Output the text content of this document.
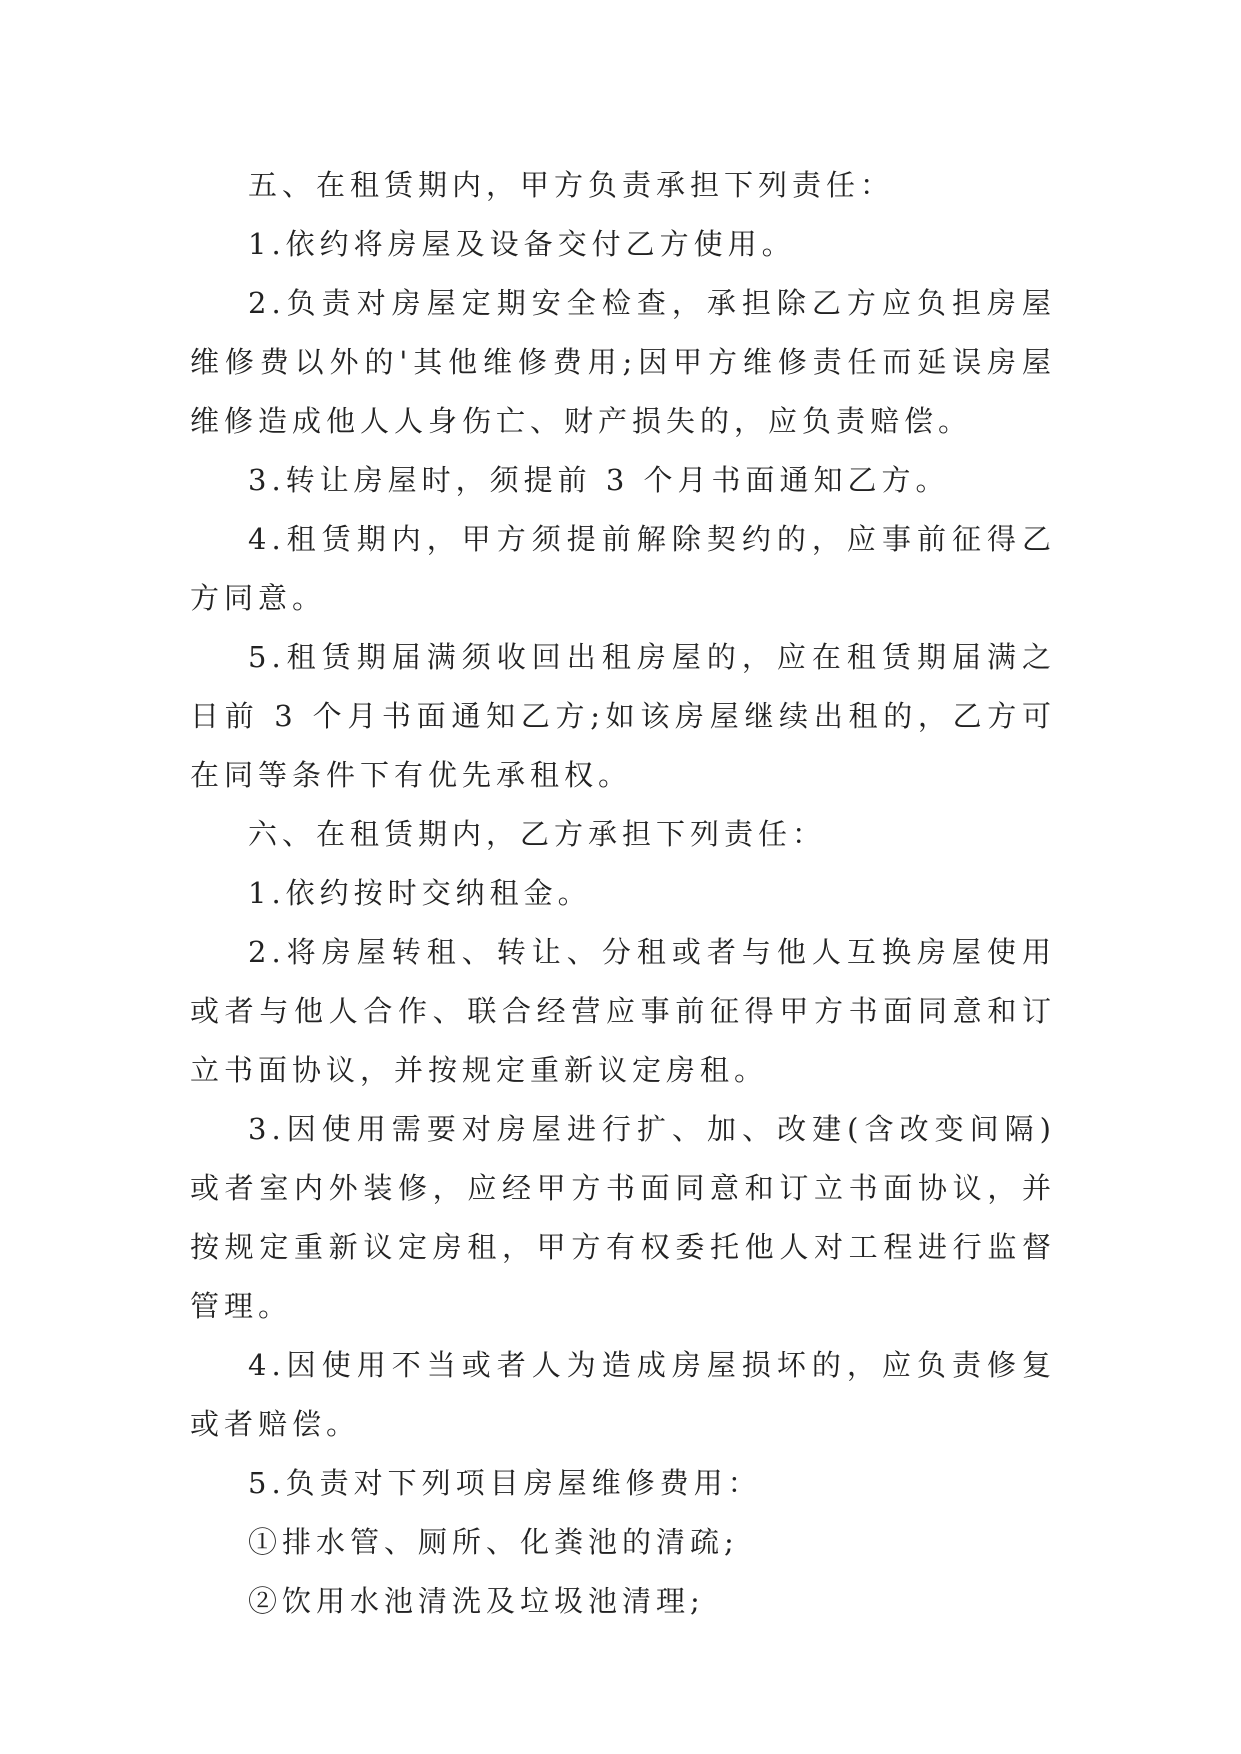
五、在租赁期内，甲方负责承担下列责任：

1.依约将房屋及设备交付乙方使用。

2.负责对房屋定期安全检查，承担除乙方应负担房屋维修费以外的'其他维修费用;因甲方维修责任而延误房屋维修造成他人人身伤亡、财产损失的，应负责赔偿。

3.转让房屋时，须提前 3 个月书面通知乙方。

4.租赁期内，甲方须提前解除契约的，应事前征得乙方同意。

5.租赁期届满须收回出租房屋的，应在租赁期届满之日前 3 个月书面通知乙方;如该房屋继续出租的，乙方可在同等条件下有优先承租权。

六、在租赁期内，乙方承担下列责任：

1.依约按时交纳租金。

2.将房屋转租、转让、分租或者与他人互换房屋使用或者与他人合作、联合经营应事前征得甲方书面同意和订立书面协议，并按规定重新议定房租。

3.因使用需要对房屋进行扩、加、改建(含改变间隔)或者室内外装修，应经甲方书面同意和订立书面协议，并按规定重新议定房租，甲方有权委托他人对工程进行监督管理。

4.因使用不当或者人为造成房屋损坏的，应负责修复或者赔偿。

5.负责对下列项目房屋维修费用：

①排水管、厕所、化粪池的清疏;

②饮用水池清洗及垃圾池清理;
